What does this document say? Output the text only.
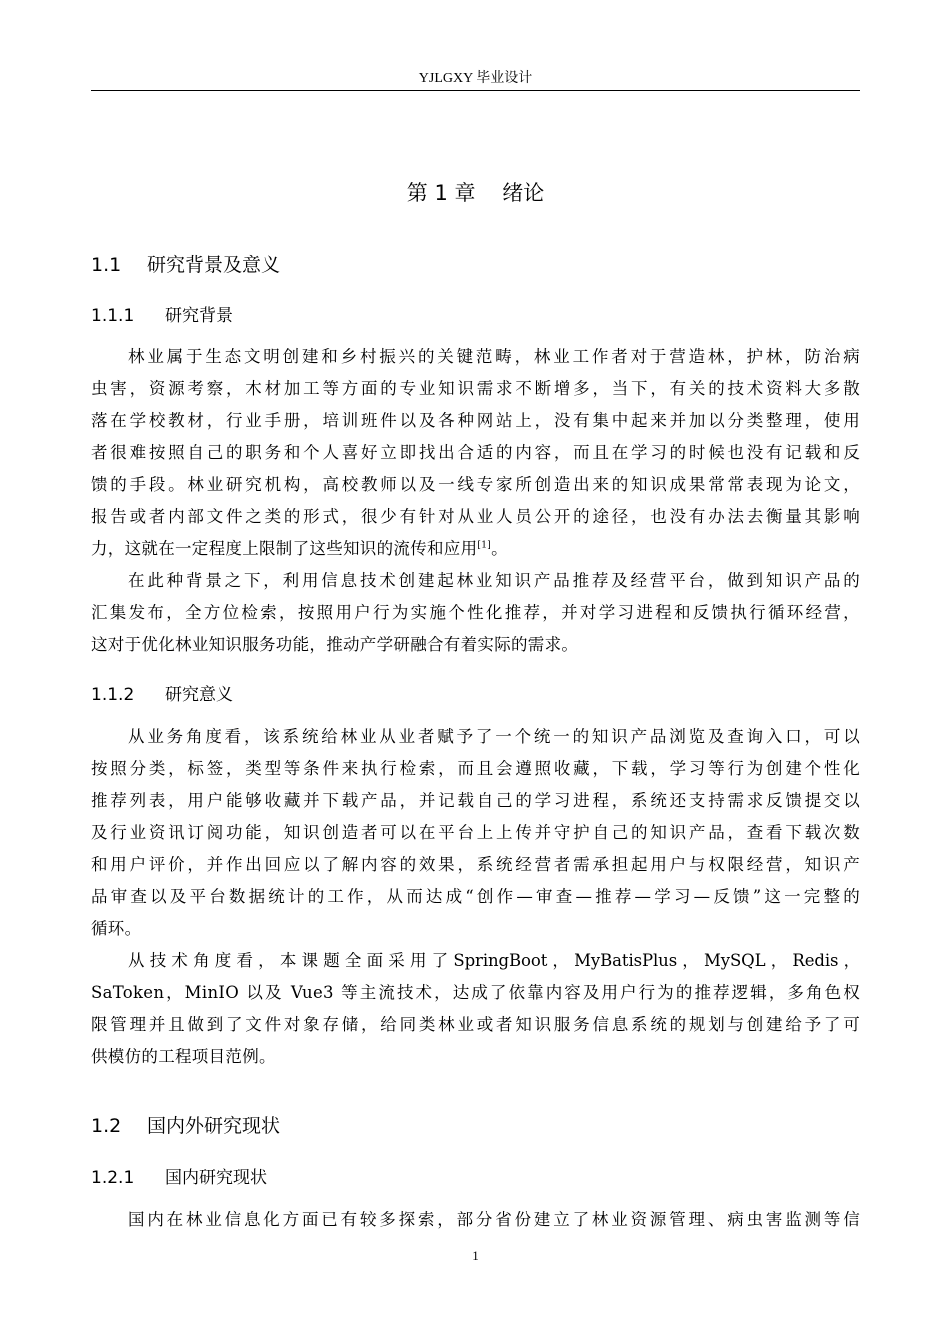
YJLGXY 毕业设计
第 1 章    绪论
1.1 研究背景及意义
1.1.1 研究背景
林业属于生态文明创建和乡村振兴的关键范畴，林业工作者对于营造林，护林，防治病
虫害，资源考察，木材加工等方面的专业知识需求不断增多，当下，有关的技术资料大多散
落在学校教材，行业手册，培训班件以及各种网站上，没有集中起来并加以分类整理，使用
者很难按照自己的职务和个人喜好立即找出合适的内容，而且在学习的时候也没有记载和反
馈的手段。林业研究机构，高校教师以及一线专家所创造出来的知识成果常常表现为论文，
报告或者内部文件之类的形式，很少有针对从业人员公开的途径，也没有办法去衡量其影响
力，这就在一定程度上限制了这些知识的流传和应用[1]。
在此种背景之下，利用信息技术创建起林业知识产品推荐及经营平台，做到知识产品的
汇集发布，全方位检索，按照用户行为实施个性化推荐，并对学习进程和反馈执行循环经营，
这对于优化林业知识服务功能，推动产学研融合有着实际的需求。
1.1.2 研究意义
从业务角度看，该系统给林业从业者赋予了一个统一的知识产品浏览及查询入口，可以
按照分类，标签，类型等条件来执行检索，而且会遵照收藏，下载，学习等行为创建个性化
推荐列表，用户能够收藏并下载产品，并记载自己的学习进程，系统还支持需求反馈提交以
及行业资讯订阅功能，知识创造者可以在平台上上传并守护自己的知识产品，查看下载次数
和用户评价，并作出回应以了解内容的效果，系统经营者需承担起用户与权限经营，知识产
品审查以及平台数据统计的工作，从而达成“创作—审查—推荐—学习—反馈”这一完整的
循环。
从 技 术 角 度 看 ， 本 课 题 全 面 采 用 了 SpringBoot ， MyBatisPlus ， MySQL ， Redis ，
SaToken，MinIO 以及 Vue3 等主流技术，达成了依靠内容及用户行为的推荐逻辑，多角色权
限管理并且做到了文件对象存储，给同类林业或者知识服务信息系统的规划与创建给予了可
供模仿的工程项目范例。
1.2 国内外研究现状
1.2.1 国内研究现状
国内在林业信息化方面已有较多探索，部分省份建立了林业资源管理、病虫害监测等信
1
